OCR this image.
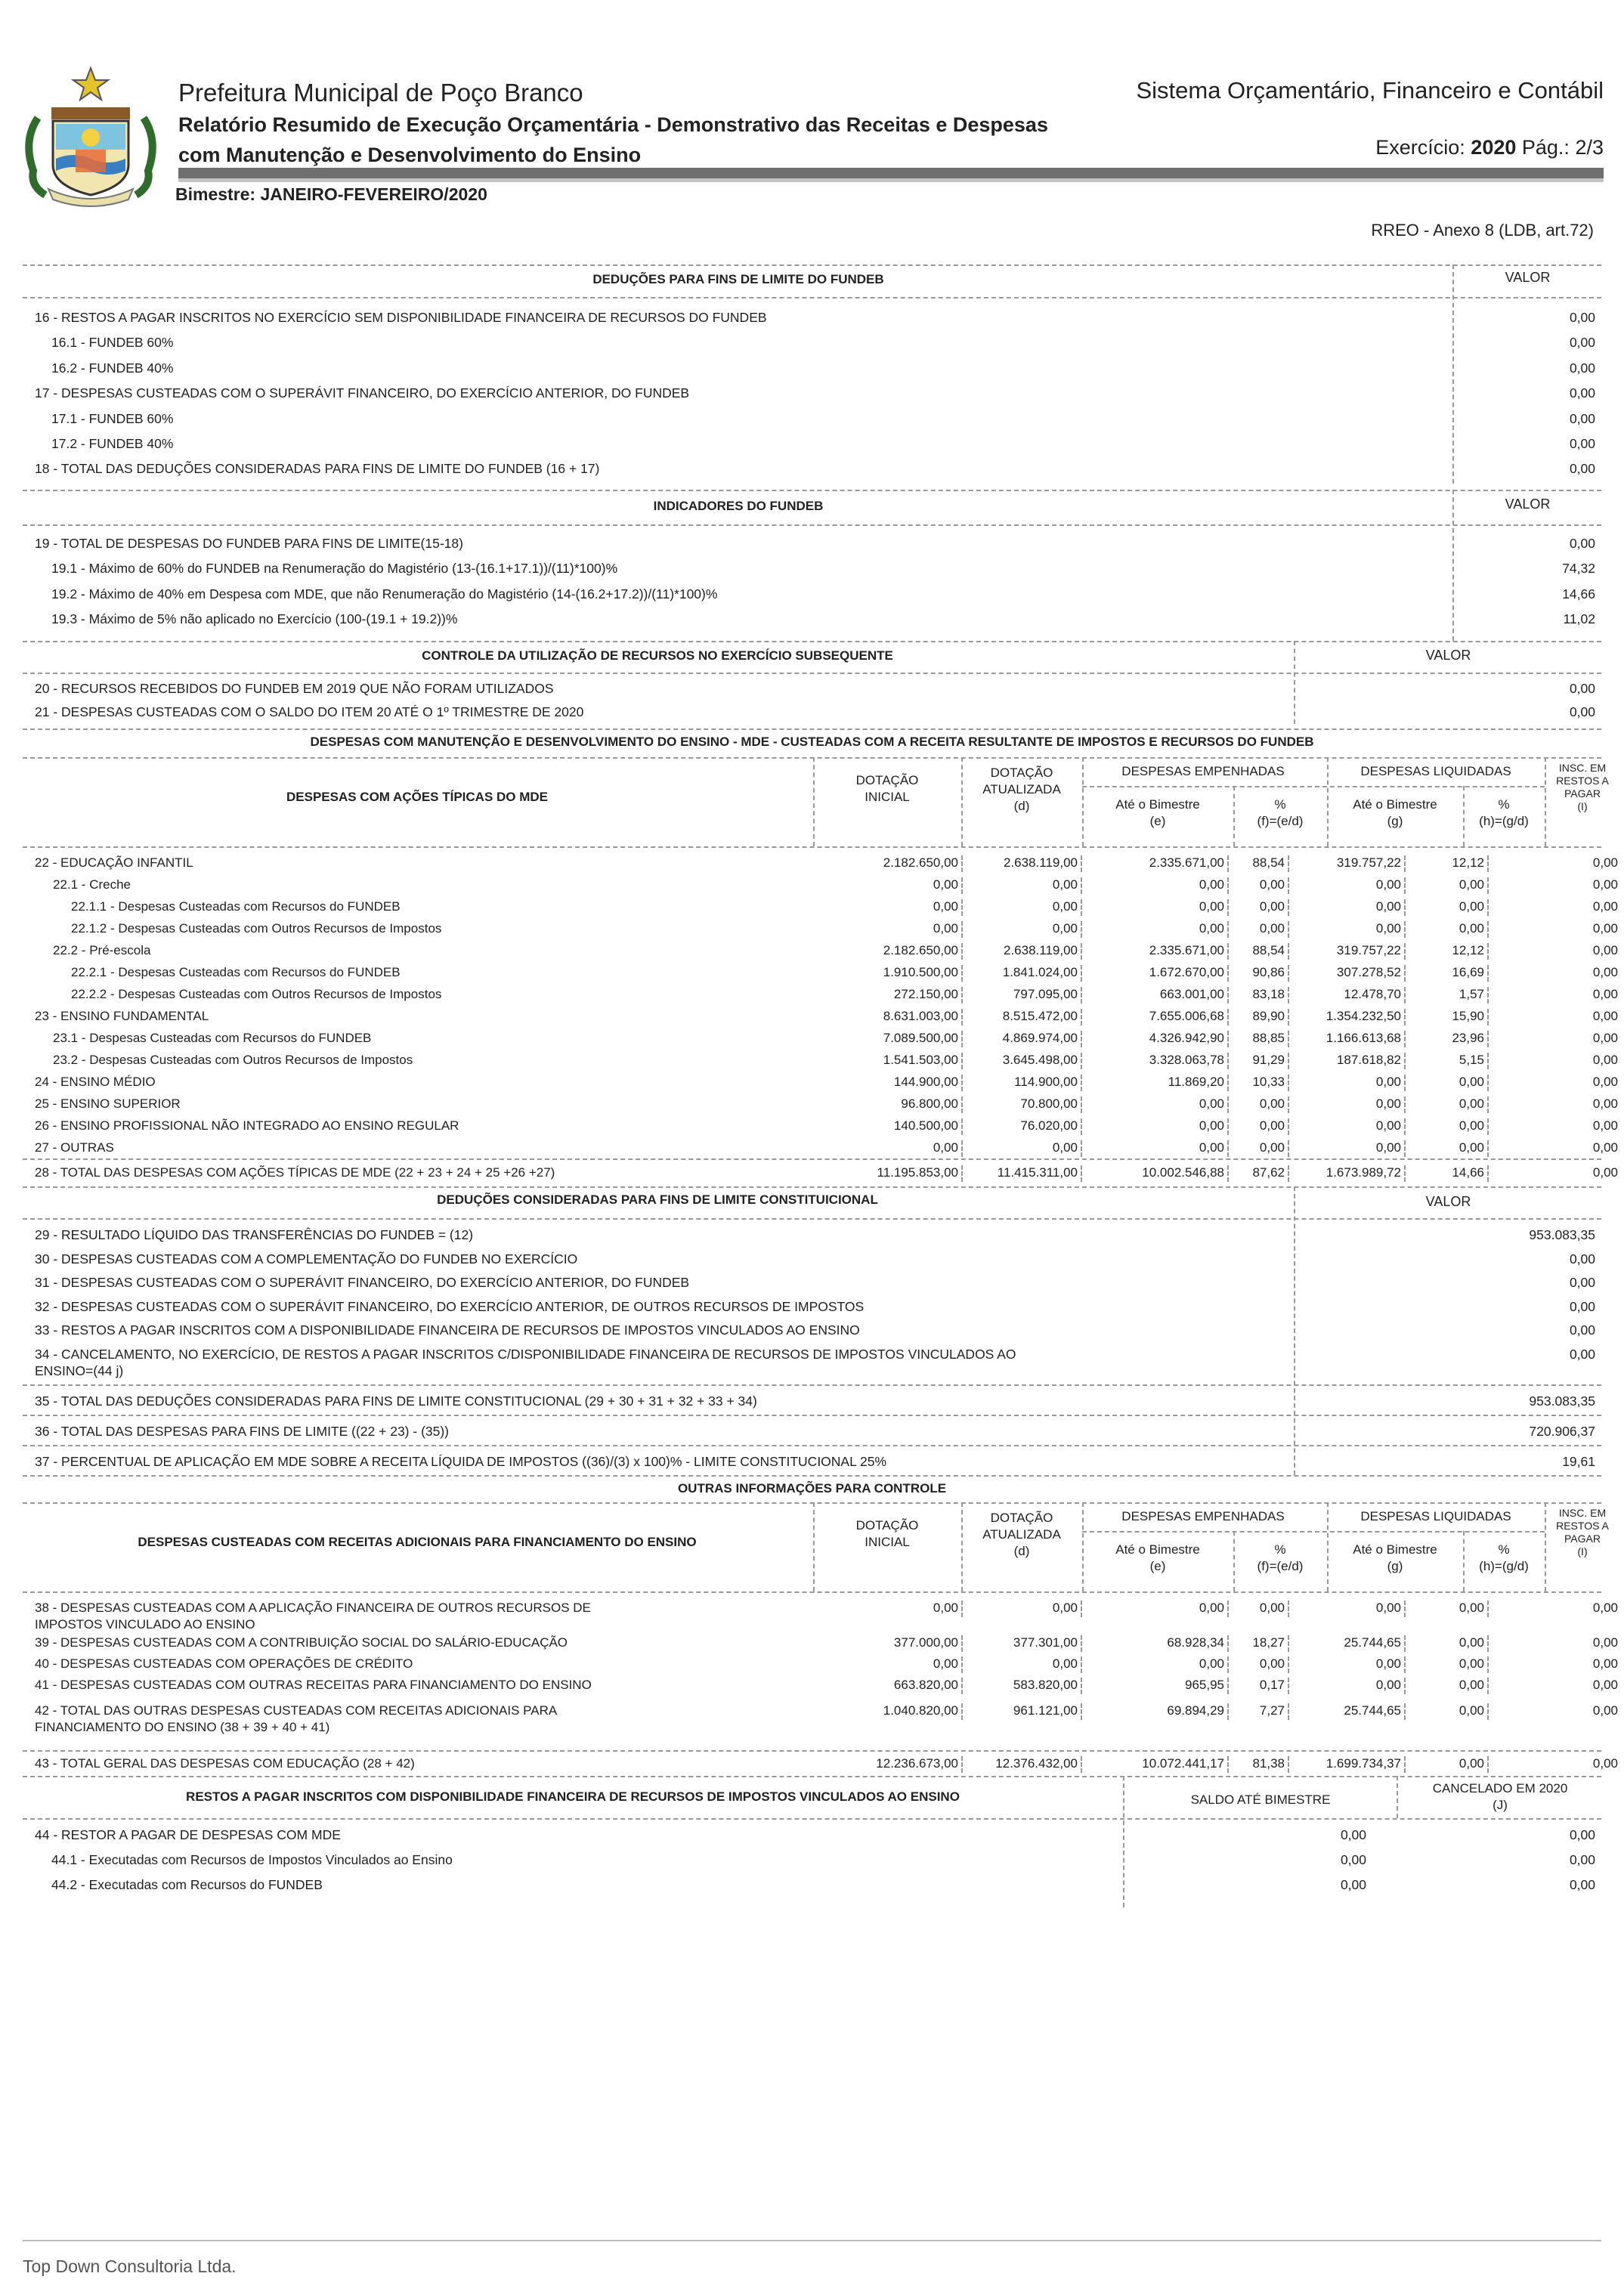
Prefeitura Municipal de Poço Branco
Relatório Resumido de Execução Orçamentária - Demonstrativo das Receitas e Despesas
com Manutenção e Desenvolvimento do Ensino
Sistema Orçamentário, Financeiro e Contábil
Exercício: 2020 Pág.: 2/3
Bimestre: JANEIRO-FEVEREIRO/2020
RREO - Anexo 8 (LDB, art.72)
DEDUÇÕES PARA FINS DE LIMITE DO FUNDEB	VALOR
16 - RESTOS A PAGAR INSCRITOS NO EXERCÍCIO SEM DISPONIBILIDADE FINANCEIRA DE RECURSOS DO FUNDEB	0,00
16.1 - FUNDEB 60%	0,00
16.2 - FUNDEB 40%	0,00
17 - DESPESAS CUSTEADAS COM O SUPERÁVIT FINANCEIRO, DO EXERCÍCIO ANTERIOR, DO FUNDEB	0,00
17.1 - FUNDEB 60%	0,00
17.2 - FUNDEB 40%	0,00
18 - TOTAL DAS DEDUÇÕES CONSIDERADAS PARA FINS DE LIMITE DO FUNDEB (16 + 17)	0,00
INDICADORES DO FUNDEB	VALOR
19 - TOTAL DE DESPESAS DO FUNDEB PARA FINS DE LIMITE(15-18)	0,00
19.1 - Máximo de 60% do FUNDEB na Renumeração do Magistério (13-(16.1+17.1))/(11)*100)%	74,32
19.2 - Máximo de 40% em Despesa com MDE, que não Renumeração do Magistério (14-(16.2+17.2))/(11)*100)%	14,66
19.3 - Máximo de 5% não aplicado no Exercício (100-(19.1 + 19.2))%	11,02
CONTROLE DA UTILIZAÇÃO DE RECURSOS NO EXERCÍCIO SUBSEQUENTE	VALOR
20 - RECURSOS RECEBIDOS DO FUNDEB EM 2019 QUE NÃO FORAM UTILIZADOS	0,00
21 - DESPESAS CUSTEADAS COM O SALDO DO ITEM 20 ATÉ O 1º TRIMESTRE DE 2020	0,00
DESPESAS COM MANUTENÇÃO E DESENVOLVIMENTO DO ENSINO - MDE - CUSTEADAS COM A RECEITA RESULTANTE DE IMPOSTOS E RECURSOS DO FUNDEB
DESPESAS COM AÇÕES TÍPICAS DO MDE
DOTAÇÃO
INICIAL
DOTAÇÃO
ATUALIZADA
(d)
DESPESAS EMPENHADAS	DESPESAS LIQUIDADAS
Até o Bimestre
(e)
%
(f)=(e/d)
Até o Bimestre
(g)
%
(h)=(g/d)
INSC. EM
RESTOS A
PAGAR
(I)
22 - EDUCAÇÃO INFANTIL	2.182.650,00	2.638.119,00	2.335.671,00 88,54	319.757,22	12,12	0,00
22.1 - Creche	0,00	0,00	0,00	0,00	0,00	0,00	0,00
22.1.1 - Despesas Custeadas com Recursos do FUNDEB	0,00	0,00	0,00	0,00	0,00	0,00	0,00
22.1.2 - Despesas Custeadas com Outros Recursos de Impostos	0,00	0,00	0,00	0,00	0,00	0,00	0,00
22.2 - Pré-escola	2.182.650,00	2.638.119,00	2.335.671,00 88,54	319.757,22	12,12	0,00
22.2.1 - Despesas Custeadas com Recursos do FUNDEB	1.910.500,00	1.841.024,00	1.672.670,00 90,86	307.278,52	16,69	0,00
22.2.2 - Despesas Custeadas com Outros Recursos de Impostos	272.150,00	797.095,00	663.001,00 83,18	12.478,70	1,57	0,00
23 - ENSINO FUNDAMENTAL	8.631.003,00	8.515.472,00	7.655.006,68 89,90	1.354.232,50	15,90	0,00
23.1 - Despesas Custeadas com Recursos do FUNDEB	7.089.500,00	4.869.974,00	4.326.942,90 88,85	1.166.613,68	23,96	0,00
23.2 - Despesas Custeadas com Outros Recursos de Impostos	1.541.503,00	3.645.498,00	3.328.063,78 91,29	187.618,82	5,15	0,00
24 - ENSINO MÉDIO	144.900,00	114.900,00	11.869,20 10,33	0,00	0,00	0,00
25 - ENSINO SUPERIOR	96.800,00	70.800,00	0,00	0,00	0,00	0,00	0,00
26 - ENSINO PROFISSIONAL NÃO INTEGRADO AO ENSINO REGULAR	140.500,00	76.020,00	0,00	0,00	0,00	0,00	0,00
27 - OUTRAS	0,00	0,00	0,00	0,00	0,00	0,00	0,00
28 - TOTAL DAS DESPESAS COM AÇÕES TÍPICAS DE MDE (22 + 23 + 24 + 25 +26 +27)	11.195.853,00	11.415.311,00	10.002.546,88 87,62	1.673.989,72	14,66	0,00
DEDUÇÕES CONSIDERADAS PARA FINS DE LIMITE CONSTITUICIONAL	VALOR
29 - RESULTADO LÍQUIDO DAS TRANSFERÊNCIAS DO FUNDEB = (12)	953.083,35
30 - DESPESAS CUSTEADAS COM A COMPLEMENTAÇÃO DO FUNDEB NO EXERCÍCIO	0,00
31 - DESPESAS CUSTEADAS COM O SUPERÁVIT FINANCEIRO, DO EXERCÍCIO ANTERIOR, DO FUNDEB	0,00
32 - DESPESAS CUSTEADAS COM O SUPERÁVIT FINANCEIRO, DO EXERCÍCIO ANTERIOR, DE OUTROS RECURSOS DE IMPOSTOS	0,00
33 - RESTOS A PAGAR INSCRITOS COM A DISPONIBILIDADE FINANCEIRA DE RECURSOS DE IMPOSTOS VINCULADOS AO ENSINO	0,00
34 - CANCELAMENTO, NO EXERCÍCIO, DE RESTOS A PAGAR INSCRITOS C/DISPONIBILIDADE FINANCEIRA DE RECURSOS DE IMPOSTOS VINCULADOS AO
ENSINO=(44 j)
0,00
35 - TOTAL DAS DEDUÇÕES CONSIDERADAS PARA FINS DE LIMITE CONSTITUCIONAL (29 + 30 + 31 + 32 + 33 + 34)	953.083,35
36 - TOTAL DAS DESPESAS PARA FINS DE LIMITE ((22 + 23) - (35))	720.906,37
37 - PERCENTUAL DE APLICAÇÃO EM MDE SOBRE A RECEITA LÍQUIDA DE IMPOSTOS ((36)/(3) x 100)% - LIMITE CONSTITUCIONAL 25%	19,61
OUTRAS INFORMAÇÕES PARA CONTROLE
DESPESAS CUSTEADAS COM RECEITAS ADICIONAIS PARA FINANCIAMENTO DO ENSINO
DOTAÇÃO
INICIAL
DOTAÇÃO
ATUALIZADA
(d)
DESPESAS EMPENHADAS	DESPESAS LIQUIDADAS
Até o Bimestre
(e)
%
(f)=(e/d)
Até o Bimestre
(g)
%
(h)=(g/d)
INSC. EM
RESTOS A
PAGAR
(I)
38 - DESPESAS CUSTEADAS COM A APLICAÇÃO FINANCEIRA DE OUTROS RECURSOS DE
IMPOSTOS VINCULADO AO ENSINO
0,00	0,00	0,00	0,00	0,00	0,00	0,00
39 - DESPESAS CUSTEADAS COM A CONTRIBUIÇÃO SOCIAL DO SALÁRIO-EDUCAÇÃO	377.000,00	377.301,00	68.928,34 18,27	25.744,65	0,00	0,00
40 - DESPESAS CUSTEADAS COM OPERAÇÕES DE CRÉDITO	0,00	0,00	0,00	0,00	0,00	0,00	0,00
41 - DESPESAS CUSTEADAS COM OUTRAS RECEITAS PARA FINANCIAMENTO DO ENSINO	663.820,00	583.820,00	965,95	0,17	0,00	0,00	0,00
42 - TOTAL DAS OUTRAS DESPESAS CUSTEADAS COM RECEITAS ADICIONAIS PARA
FINANCIAMENTO DO ENSINO (38 + 39 + 40 + 41)
1.040.820,00	961.121,00	69.894,29	7,27	25.744,65	0,00	0,00
43 - TOTAL GERAL DAS DESPESAS COM EDUCAÇÃO (28 + 42)	12.236.673,00	12.376.432,00	10.072.441,17 81,38	1.699.734,37	0,00	0,00
RESTOS A PAGAR INSCRITOS COM DISPONIBILIDADE FINANCEIRA DE RECURSOS DE IMPOSTOS VINCULADOS AO ENSINO	SALDO ATÉ BIMESTRE
CANCELADO EM 2020
(J)
44 - RESTOR A PAGAR DE DESPESAS COM MDE	0,00	0,00
44.1 - Executadas com Recursos de Impostos Vinculados ao Ensino	0,00	0,00
44.2 - Executadas com Recursos do FUNDEB	0,00	0,00
Top Down Consultoria Ltda.
